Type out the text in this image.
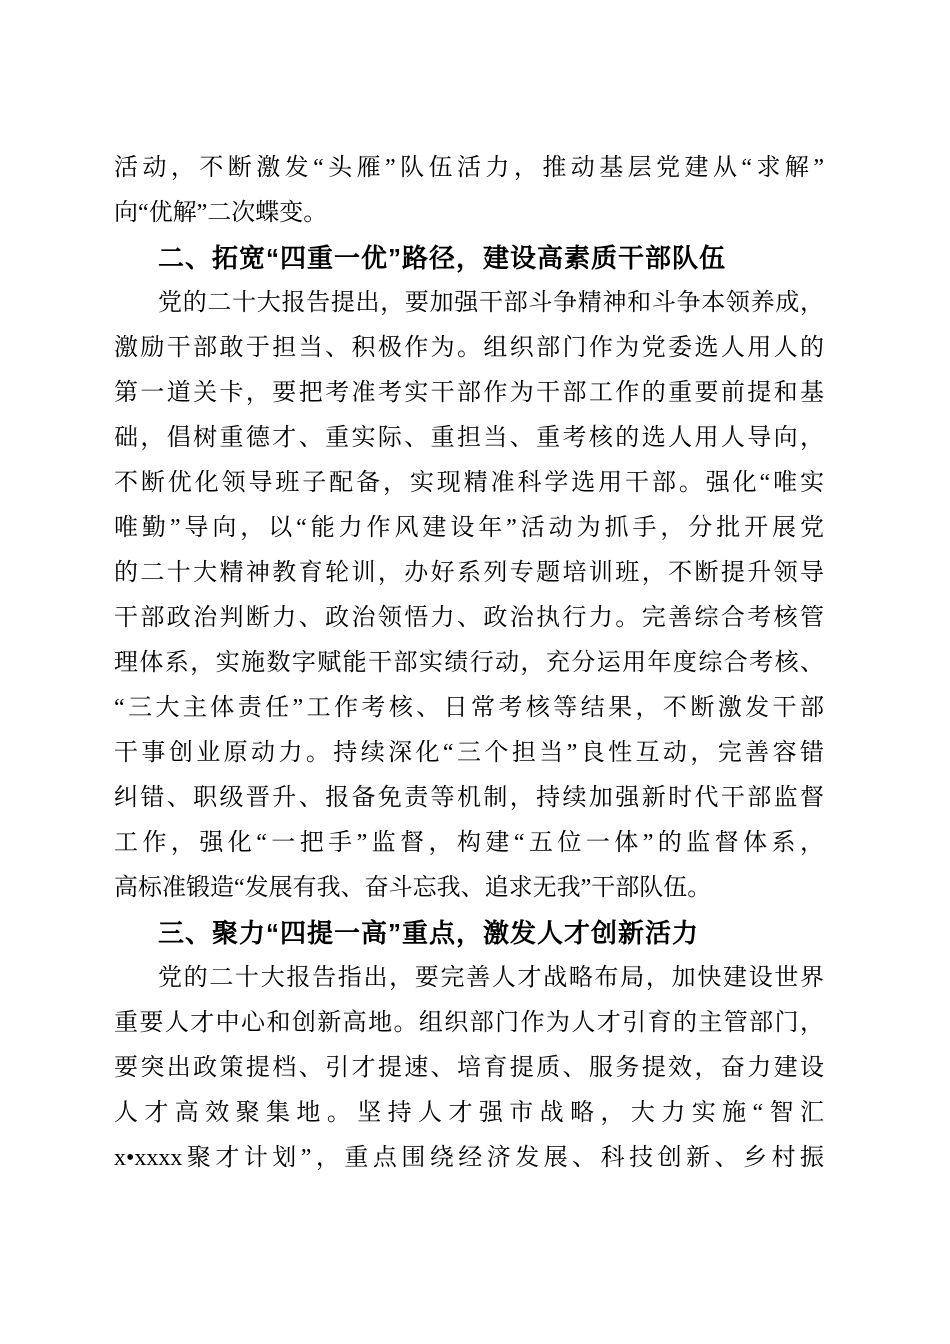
活动，不断激发“头雁”队伍活力，推动基层党建从“求解”
向“优解”二次蝶变。
二、拓宽“四重一优”路径，建设高素质干部队伍
党的二十大报告提出，要加强干部斗争精神和斗争本领养成，
激励干部敢于担当、积极作为。组织部门作为党委选人用人的
第一道关卡，要把考准考实干部作为干部工作的重要前提和基
础，倡树重德才、重实际、重担当、重考核的选人用人导向，
不断优化领导班子配备，实现精准科学选用干部。强化“唯实
唯勤”导向，以“能力作风建设年”活动为抓手，分批开展党
的二十大精神教育轮训，办好系列专题培训班，不断提升领导
干部政治判断力、政治领悟力、政治执行力。完善综合考核管
理体系，实施数字赋能干部实绩行动，充分运用年度综合考核、
“三大主体责任”工作考核、日常考核等结果，不断激发干部
干事创业原动力。持续深化“三个担当”良性互动，完善容错
纠错、职级晋升、报备免责等机制，持续加强新时代干部监督
工作，强化“一把手”监督，构建“五位一体”的监督体系，
高标准锻造“发展有我、奋斗忘我、追求无我”干部队伍。
三、聚力“四提一高”重点，激发人才创新活力
党的二十大报告指出，要完善人才战略布局，加快建设世界
重要人才中心和创新高地。组织部门作为人才引育的主管部门，
要突出政策提档、引才提速、培育提质、服务提效，奋力建设
人才高效聚集地。坚持人才强市战略，大力实施“智汇
x•xxxx聚才计划”，重点围绕经济发展、科技创新、乡村振
